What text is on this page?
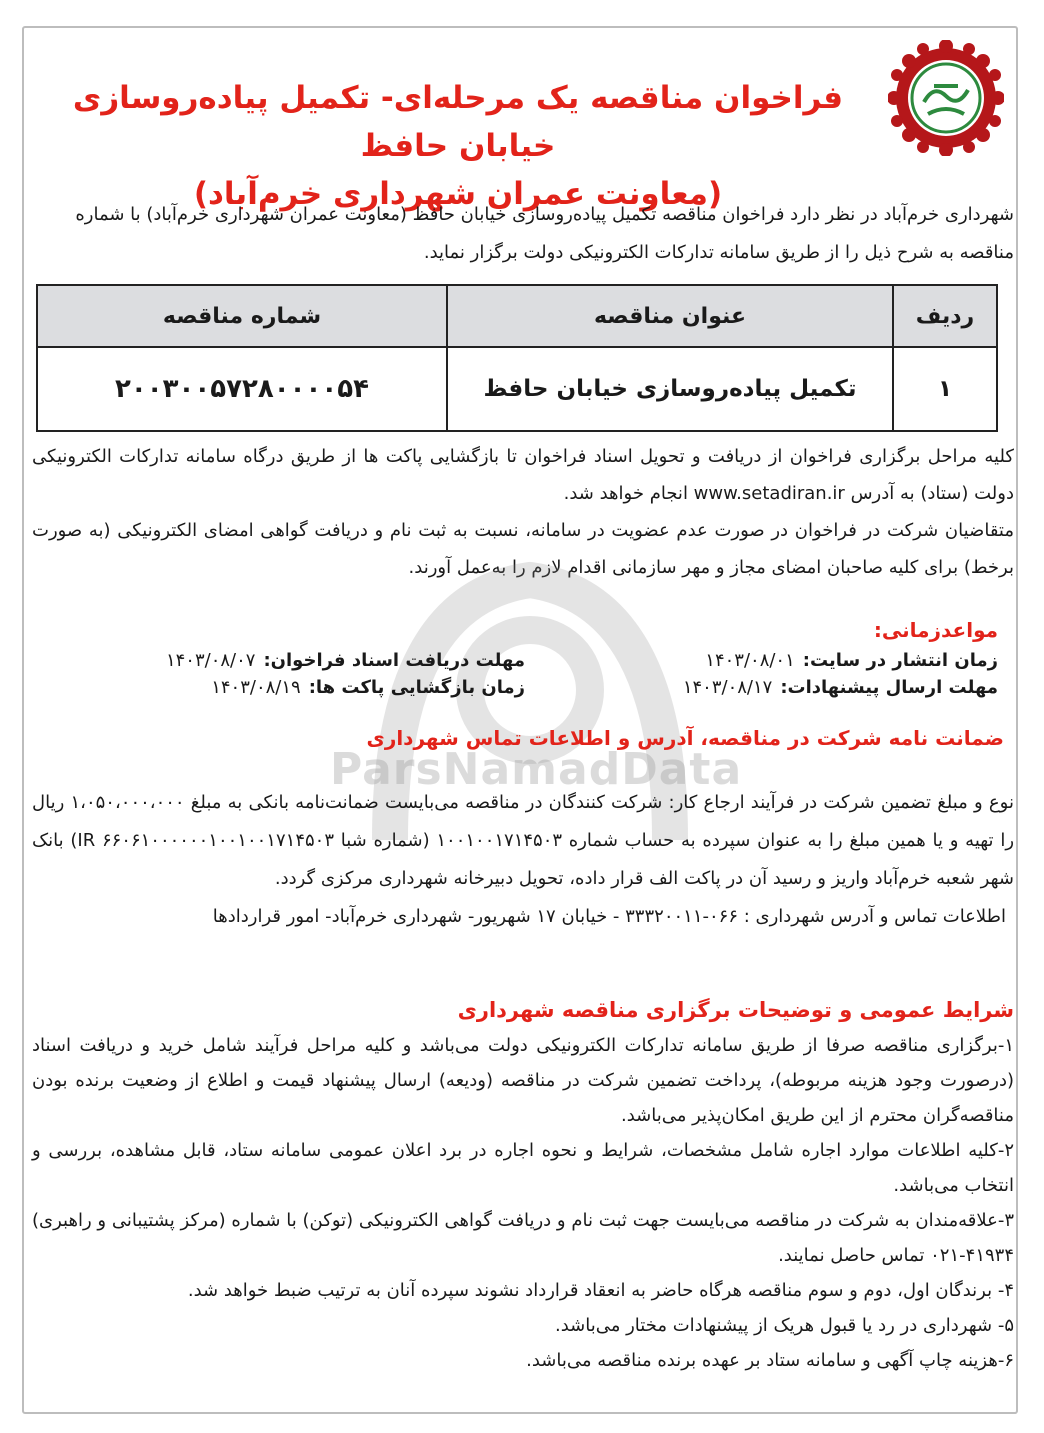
فراخوان مناقصه یک مرحله‌ای- تکمیل پیاده‌روسازی خیابان حافظ
(معاونت عمران شهرداری خرم‌آباد)
شهرداری خرم‌آباد در نظر دارد فراخوان مناقصه تکمیل پیاده‌روسازی خیابان حافظ (معاونت عمران شهرداری خرم‌آباد) با شماره مناقصه به شرح ذیل را از طریق سامانه تدارکات الکترونیکی دولت برگزار نماید.
ردیف	عنوان مناقصه	شماره مناقصه
۱	تکمیل پیاده‌روسازی خیابان حافظ	۲۰۰۳۰۰۵۷۲۸۰۰۰۰۵۴
کلیه مراحل برگزاری فراخوان از دریافت و تحویل اسناد فراخوان تا بازگشایی پاکت ها از طریق درگاه سامانه تدارکات الکترونیکی دولت (ستاد) به آدرس www.setadiran.ir انجام خواهد شد.
متقاضیان شرکت در فراخوان در صورت عدم عضویت در سامانه، نسبت به ثبت نام و دریافت گواهی امضای الکترونیکی (به صورت برخط) برای کلیه صاحبان امضای مجاز و مهر سازمانی اقدام لازم را به‌عمل آورند.
ParsNamadData
مواعدزمانی:
زمان انتشار در سایت:۱۴۰۳/۰۸/۰۱
مهلت دریافت اسناد فراخوان:۱۴۰۳/۰۸/۰۷
مهلت ارسال پیشنهادات:۱۴۰۳/۰۸/۱۷
زمان بازگشایی پاکت ها:۱۴۰۳/۰۸/۱۹
ضمانت نامه شرکت در مناقصه، آدرس و اطلاعات تماس شهرداری
نوع و مبلغ تضمین شرکت در فرآیند ارجاع کار: شرکت کنندگان در مناقصه می‌بایست ضمانت‌نامه بانکی به مبلغ ۱،۰۵۰،۰۰۰،۰۰۰ ریال را تهیه و یا همین مبلغ را به عنوان سپرده به حساب شماره ۱۰۰۱۰۰۱۷۱۴۵۰۳ (شماره شبا IR ۶۶۰۶۱۰۰۰۰۰۰۱۰۰۱۰۰۱۷۱۴۵۰۳) بانک شهر شعبه خرم‌آباد واریز و رسید آن در پاکت الف قرار داده، تحویل دبیرخانه شهرداری مرکزی گردد.
اطلاعات تماس و آدرس شهرداری : ۰۶۶-۳۳۳۲۰۰۱۱ - خیابان ۱۷ شهریور- شهرداری خرم‌آباد- امور قراردادها
شرایط عمومی و توضیحات برگزاری مناقصه شهرداری

۱-برگزاری مناقصه صرفا از طریق سامانه تدارکات الکترونیکی دولت می‌باشد و کلیه مراحل فرآیند شامل خرید و دریافت اسناد (درصورت وجود هزینه مربوطه)، پرداخت تضمین شرکت در مناقصه (ودیعه) ارسال پیشنهاد قیمت و اطلاع از وضعیت برنده بودن مناقصه‌گران محترم از این طریق امکان‌پذیر می‌باشد.

۲-کلیه اطلاعات موارد اجاره شامل مشخصات، شرایط و نحوه اجاره در برد اعلان عمومی سامانه ستاد، قابل مشاهده، بررسی و انتخاب می‌باشد.

۳-علاقه‌مندان به شرکت در مناقصه می‌بایست جهت ثبت نام و دریافت گواهی الکترونیکی (توکن) با شماره (مرکز پشتیبانی و راهبری) ۴۱۹۳۴-۰۲۱ تماس حاصل نمایند.

۴- برندگان اول، دوم و سوم مناقصه هرگاه حاضر به انعقاد قرارداد نشوند سپرده آنان به ترتیب ضبط خواهد شد.

۵- شهرداری در رد یا قبول هریک از پیشنهادات مختار می‌باشد.

۶-هزینه چاپ آگهی و سامانه ستاد بر عهده برنده مناقصه می‌باشد.
